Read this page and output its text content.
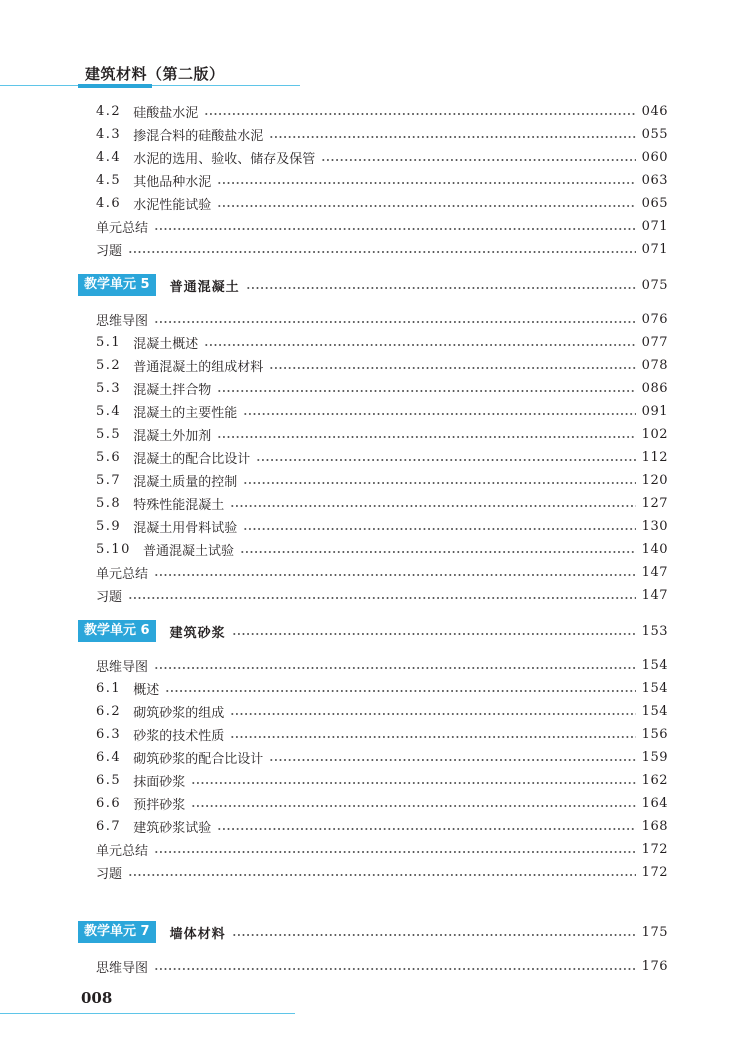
建筑材料（第二版）
4.2 硅酸盐水泥	046
4.3 掺混合料的硅酸盐水泥	055
4.4 水泥的选用、验收、储存及保管	060
4.5 其他品种水泥	063
4.6 水泥性能试验	065
单元总结	071
习题	071
教学单元 5	普通混凝土	075
思维导图	076
5.1 混凝土概述	077
5.2 普通混凝土的组成材料	078
5.3 混凝土拌合物	086
5.4 混凝土的主要性能	091
5.5 混凝土外加剂	102
5.6 混凝土的配合比设计	112
5.7 混凝土质量的控制	120
5.8 特殊性能混凝土	127
5.9 混凝土用骨料试验	130
5.10 普通混凝土试验	140
单元总结	147
习题	147
教学单元 6	建筑砂浆	153
思维导图	154
6.1 概述	154
6.2 砌筑砂浆的组成	154
6.3 砂浆的技术性质	156
6.4 砌筑砂浆的配合比设计	159
6.5 抹面砂浆	162
6.6 预拌砂浆	164
6.7 建筑砂浆试验	168
单元总结	172
习题	172
教学单元 7	墙体材料	175
思维导图	176
008
